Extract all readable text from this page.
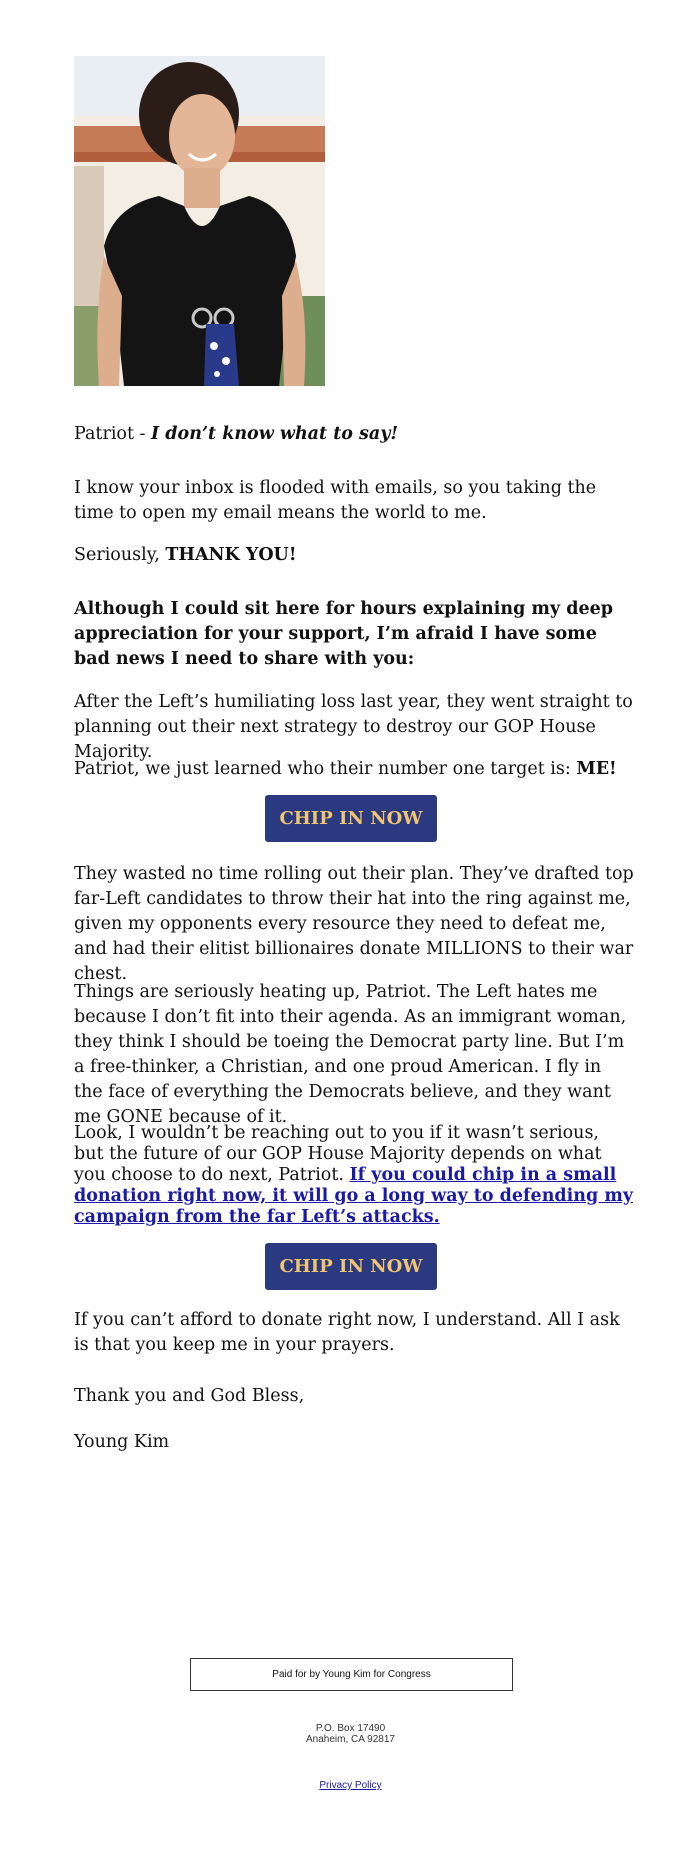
Patriot - I don’t know what to say!
I know your inbox is flooded with emails, so you taking the time to open my email means the world to me.
Seriously, THANK YOU!
Although I could sit here for hours explaining my deep appreciation for your support, I’m afraid I have some bad news I need to share with you:
After the Left’s humiliating loss last year, they went straight to planning out their next strategy to destroy our GOP House Majority.
Patriot, we just learned who their number one target is: ME!
CHIP IN NOW
They wasted no time rolling out their plan. They’ve drafted top far-Left candidates to throw their hat into the ring against me, given my opponents every resource they need to defeat me, and had their elitist billionaires donate MILLIONS to their war chest.
Things are seriously heating up, Patriot. The Left hates me because I don’t fit into their agenda. As an immigrant woman, they think I should be toeing the Democrat party line. But I’m a free-thinker, a Christian, and one proud American. I fly in the face of everything the Democrats believe, and they want me GONE because of it.
Look, I wouldn’t be reaching out to you if it wasn’t serious, but the future of our GOP House Majority depends on what you choose to do next, Patriot. If you could chip in a small donation right now, it will go a long way to defending my campaign from the far Left’s attacks.
CHIP IN NOW
If you can’t afford to donate right now, I understand. All I ask is that you keep me in your prayers.
Thank you and God Bless,
Young Kim
Paid for by Young Kim for Congress
P.O. Box 17490
Anaheim, CA 92817
Privacy Policy
